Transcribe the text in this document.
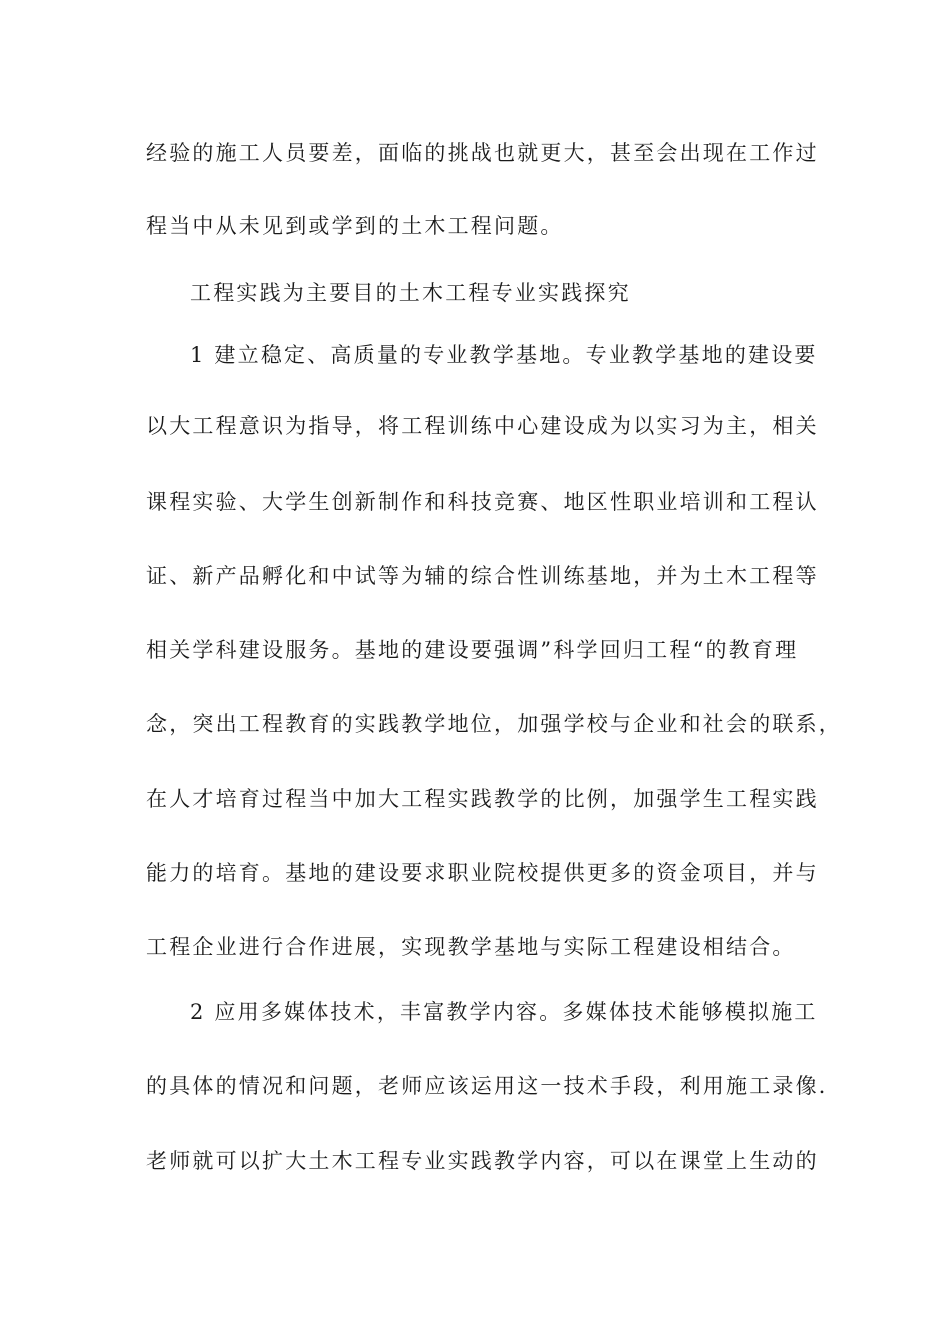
经验的施工人员要差，面临的挑战也就更大，甚至会出现在工作过

程当中从未见到或学到的土木工程问题。

工程实践为主要目的土木工程专业实践探究

1 建立稳定、高质量的专业教学基地。专业教学基地的建设要

以大工程意识为指导，将工程训练中心建设成为以实习为主，相关

课程实验、大学生创新制作和科技竞赛、地区性职业培训和工程认

证、新产品孵化和中试等为辅的综合性训练基地，并为土木工程等

相关学科建设服务。基地的建设要强调”科学回归工程“的教育理

念，突出工程教育的实践教学地位，加强学校与企业和社会的联系，

在人才培育过程当中加大工程实践教学的比例，加强学生工程实践

能力的培育。基地的建设要求职业院校提供更多的资金项目，并与

工程企业进行合作进展，实现教学基地与实际工程建设相结合。

2 应用多媒体技术，丰富教学内容。多媒体技术能够模拟施工

的具体的情况和问题，老师应该运用这一技术手段，利用施工录像．

老师就可以扩大土木工程专业实践教学内容，可以在课堂上生动的
